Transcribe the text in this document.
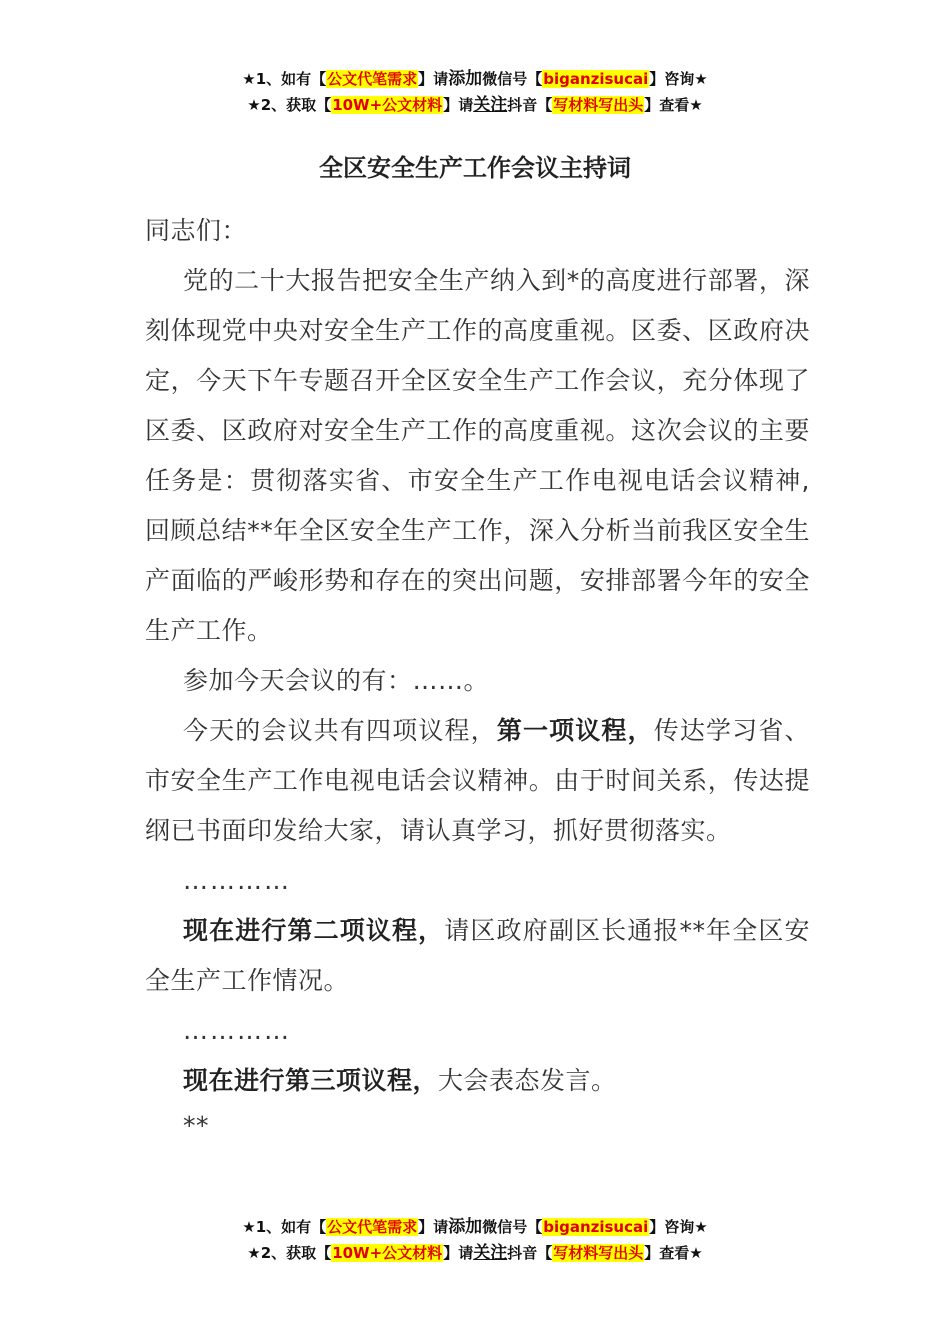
★1、如有【公文代笔需求】请添加微信号【biganzisucai】咨询★
★2、获取【10W+公文材料】请关注抖音【写材料写出头】查看★
全区安全生产工作会议主持词

同志们：

党的二十大报告把安全生产纳入到*的高度进行部署，深刻体现党中央对安全生产工作的高度重视。区委、区政府决定，今天下午专题召开全区安全生产工作会议，充分体现了区委、区政府对安全生产工作的高度重视。这次会议的主要任务是：贯彻落实省、市安全生产工作电视电话会议精神, 回顾总结**年全区安全生产工作，深入分析当前我区安全生产面临的严峻形势和存在的突出问题，安排部署今年的安全生产工作。

参加今天会议的有：……。

今天的会议共有四项议程，第一项议程，传达学习省、市安全生产工作电视电话会议精神。由于时间关系，传达提纲已书面印发给大家，请认真学习，抓好贯彻落实。

…………

现在进行第二项议程，请区政府副区长通报**年全区安全生产工作情况。

…………

现在进行第三项议程，大会表态发言。

**

★1、如有【公文代笔需求】请添加微信号【biganzisucai】咨询★
★2、获取【10W+公文材料】请关注抖音【写材料写出头】查看★
